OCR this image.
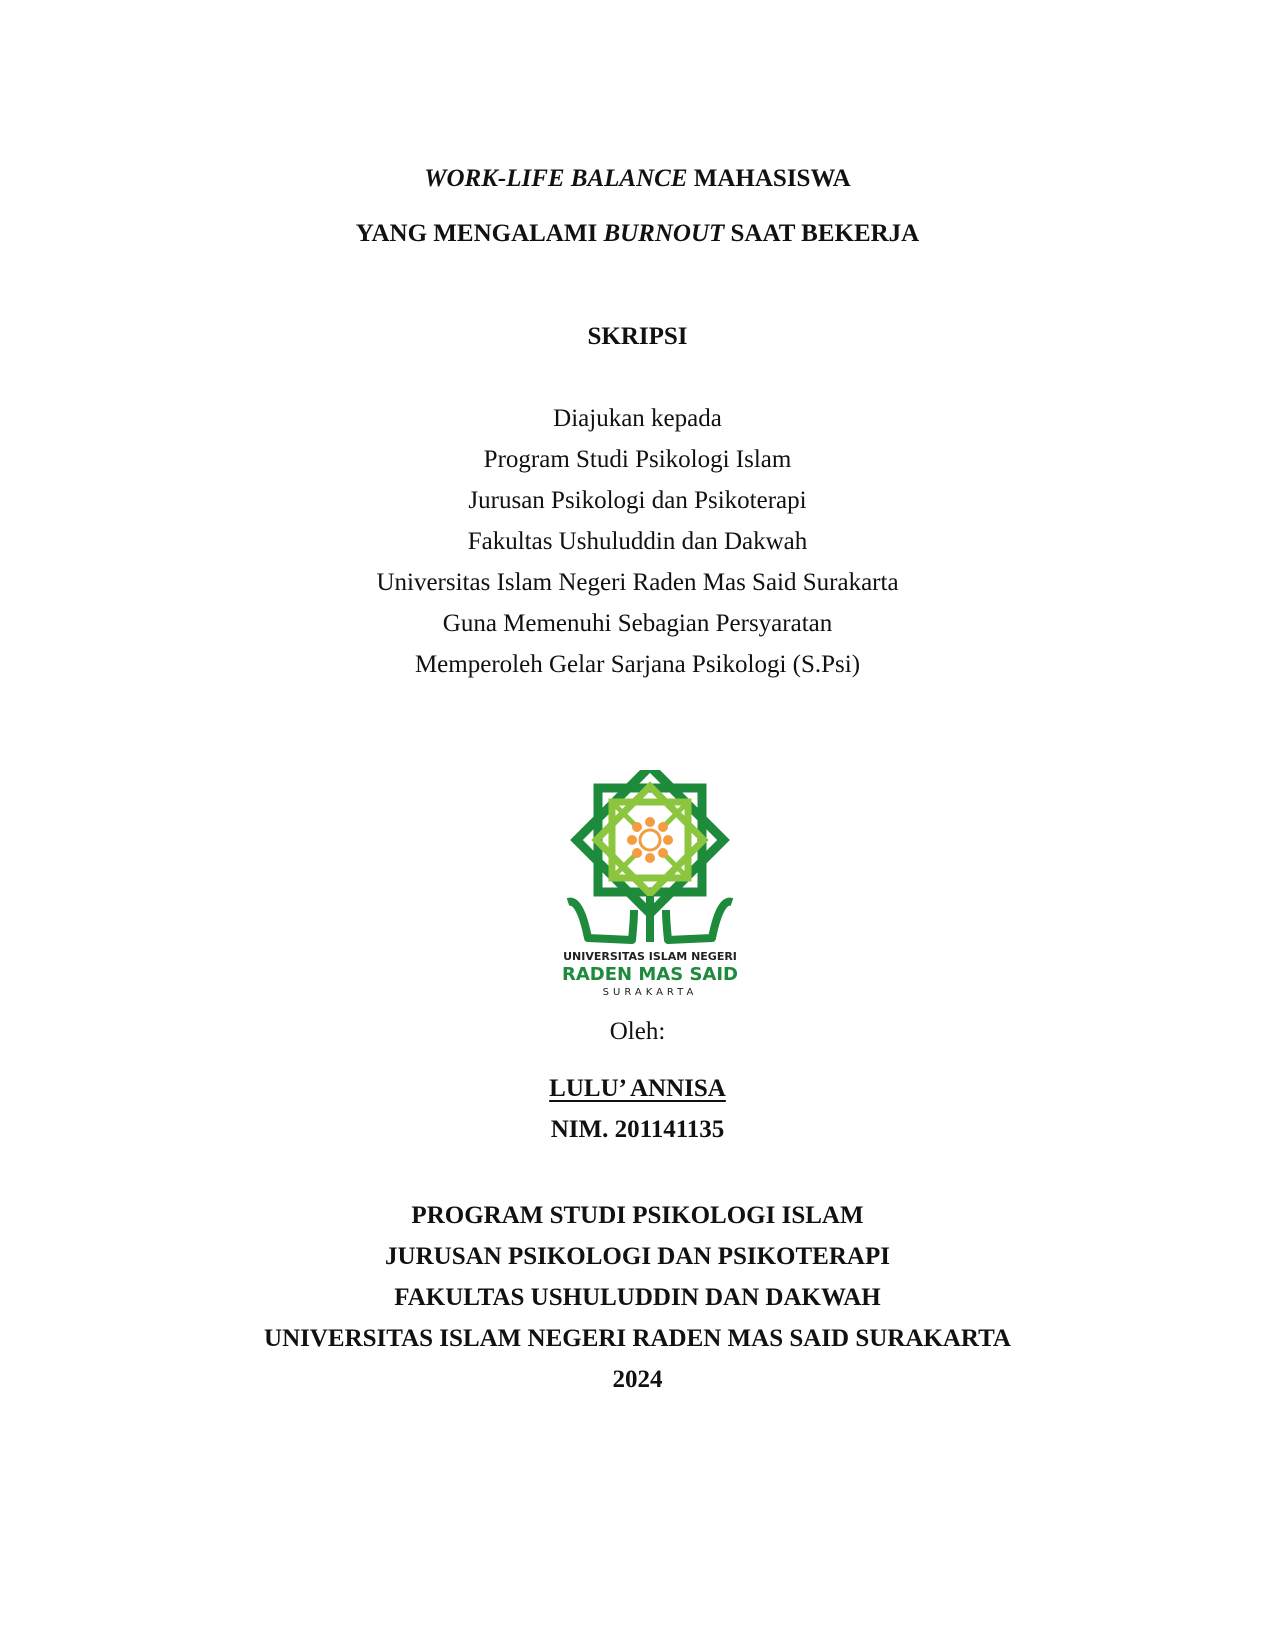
WORK-LIFE BALANCE MAHASISWA
YANG MENGALAMI BURNOUT SAAT BEKERJA
SKRIPSI
Diajukan kepada
Program Studi Psikologi Islam
Jurusan Psikologi dan Psikoterapi
Fakultas Ushuluddin dan Dakwah
Universitas Islam Negeri Raden Mas Said Surakarta
Guna Memenuhi Sebagian Persyaratan
Memperoleh Gelar Sarjana Psikologi (S.Psi)
UNIVERSITAS ISLAM NEGERI
RADEN MAS SAID
SURAKARTA
Oleh:
LULU’ ANNISA
NIM. 201141135
PROGRAM STUDI PSIKOLOGI ISLAM
JURUSAN PSIKOLOGI DAN PSIKOTERAPI
FAKULTAS USHULUDDIN DAN DAKWAH
UNIVERSITAS ISLAM NEGERI RADEN MAS SAID SURAKARTA
2024
